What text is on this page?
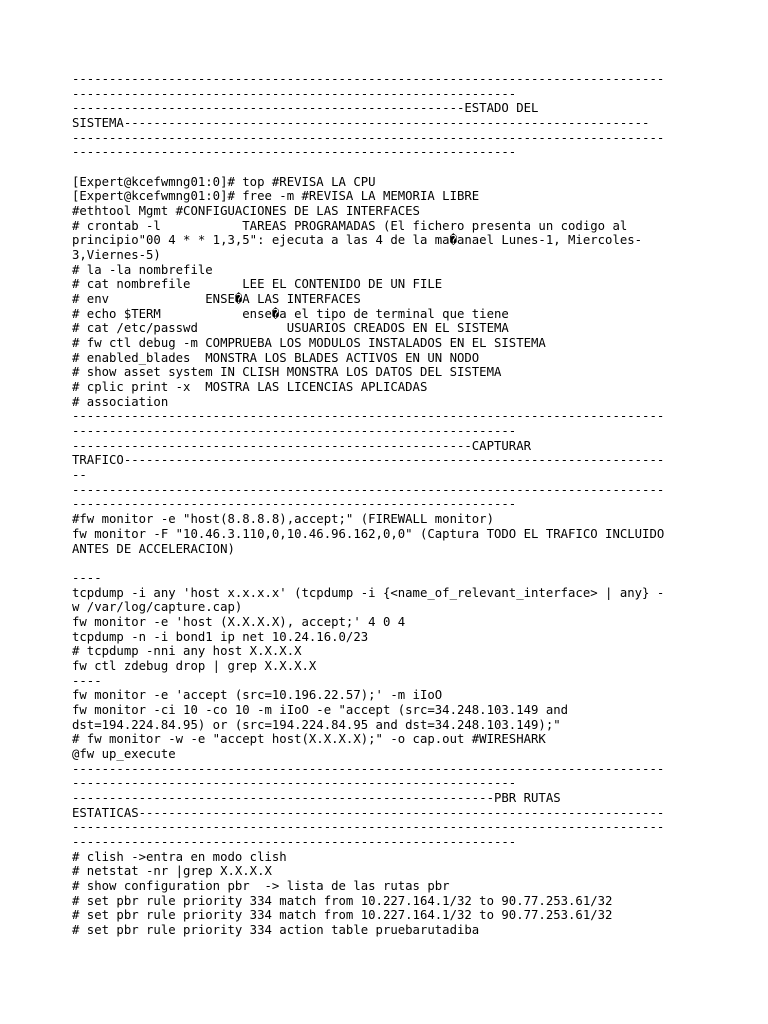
--------------------------------------------------------------------------------
------------------------------------------------------------
-----------------------------------------------------ESTADO DEL
SISTEMA-----------------------------------------------------------------------
--------------------------------------------------------------------------------
------------------------------------------------------------
[Expert@kcefwmng01:0]# top #REVISA LA CPU
[Expert@kcefwmng01:0]# free -m #REVISA LA MEMORIA LIBRE
#ethtool Mgmt #CONFIGUACIONES DE LAS INTERFACES
# crontab -l           TAREAS PROGRAMADAS (El fichero presenta un codigo al
principio"00 4 * * 1,3,5": ejecuta a las 4 de la ma�anael Lunes-1, Miercoles-
3,Viernes-5)
# la -la nombrefile
# cat nombrefile       LEE EL CONTENIDO DE UN FILE
# env             ENSE�A LAS INTERFACES
# echo $TERM           ense�a el tipo de terminal que tiene
# cat /etc/passwd            USUARIOS CREADOS EN EL SISTEMA
# fw ctl debug -m COMPRUEBA LOS MODULOS INSTALADOS EN EL SISTEMA
# enabled_blades  MONSTRA LOS BLADES ACTIVOS EN UN NODO
# show asset system IN CLISH MONSTRA LOS DATOS DEL SISTEMA
# cplic print -x  MOSTRA LAS LICENCIAS APLICADAS
# association
--------------------------------------------------------------------------------
------------------------------------------------------------
------------------------------------------------------CAPTURAR
TRAFICO-------------------------------------------------------------------------
--
--------------------------------------------------------------------------------
------------------------------------------------------------
#fw monitor -e "host(8.8.8.8),accept;" (FIREWALL monitor)
fw monitor -F "10.46.3.110,0,10.46.96.162,0,0" (Captura TODO EL TRAFICO INCLUIDO
ANTES DE ACCELERACION)
----
tcpdump -i any 'host x.x.x.x' (tcpdump -i {<name_of_relevant_interface> | any} -
w /var/log/capture.cap)
fw monitor -e 'host (X.X.X.X), accept;' 4 0 4
tcpdump -n -i bond1 ip net 10.24.16.0/23
# tcpdump -nni any host X.X.X.X
fw ctl zdebug drop | grep X.X.X.X
----
fw monitor -e 'accept (src=10.196.22.57);' -m iIoO
fw monitor -ci 10 -co 10 -m iIoO -e "accept (src=34.248.103.149 and
dst=194.224.84.95) or (src=194.224.84.95 and dst=34.248.103.149);"
# fw monitor -w -e "accept host(X.X.X.X);" -o cap.out #WIRESHARK
@fw up_execute
--------------------------------------------------------------------------------
------------------------------------------------------------
---------------------------------------------------------PBR RUTAS
ESTATICAS-----------------------------------------------------------------------
--------------------------------------------------------------------------------
------------------------------------------------------------
# clish ->entra en modo clish
# netstat -nr |grep X.X.X.X
# show configuration pbr  -> lista de las rutas pbr
# set pbr rule priority 334 match from 10.227.164.1/32 to 90.77.253.61/32
# set pbr rule priority 334 match from 10.227.164.1/32 to 90.77.253.61/32
# set pbr rule priority 334 action table pruebarutadiba
